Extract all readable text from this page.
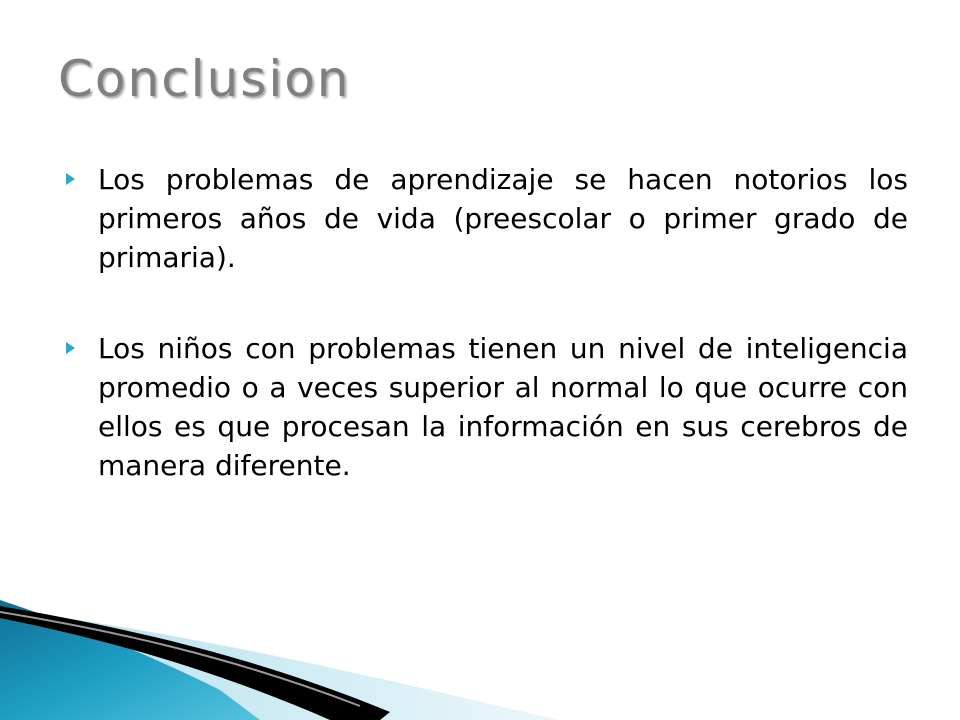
Conclusion
Los problemas de aprendizaje se hacen notorios los primeros años de vida (preescolar o primer grado de primaria).
Los niños con problemas tienen un nivel de inteligencia promedio o a veces superior al normal lo que ocurre con ellos es que procesan la información en sus cerebros de manera diferente.
